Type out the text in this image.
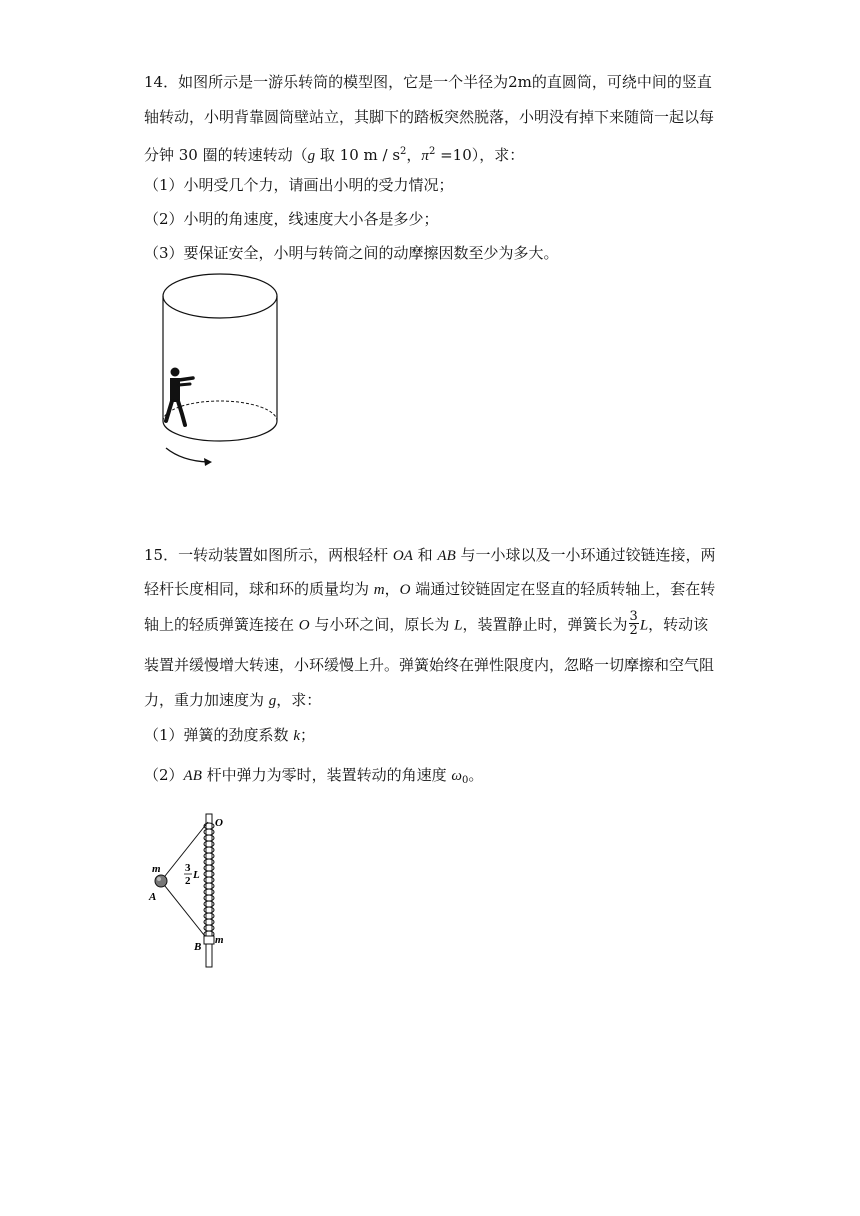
14．如图所示是一游乐转筒的模型图，它是一个半径为2m的直圆筒，可绕中间的竖直
轴转动，小明背靠圆筒壁站立，其脚下的踏板突然脱落，小明没有掉下来随筒一起以每
分钟 30 圈的转速转动（g 取 10 m / $s^2$，$\pi^2 =10$），求：
（1）小明受几个力，请画出小明的受力情况；
（2）小明的角速度，线速度大小各是多少；
（3）要保证安全，小明与转筒之间的动摩擦因数至少为多大。
15．一转动装置如图所示，两根轻杆 OA 和 AB 与一小球以及一小环通过铰链连接，两
轻杆长度相同，球和环的质量均为 m，O 端通过铰链固定在竖直的轻质转轴上，套在转
轴上的轻质弹簧连接在 O 与小环之间，原长为 L，装置静止时，弹簧长为 $\frac{3}{2}$ L，转动该
装置并缓慢增大转速，小环缓慢上升。弹簧始终在弹性限度内，忽略一切摩擦和空气阻
力，重力加速度为 g，求：
（1）弹簧的劲度系数 k；
（2）AB 杆中弹力为零时，装置转动的角速度 $\omega_0$。
O
m 3
2 L
A
B
m
